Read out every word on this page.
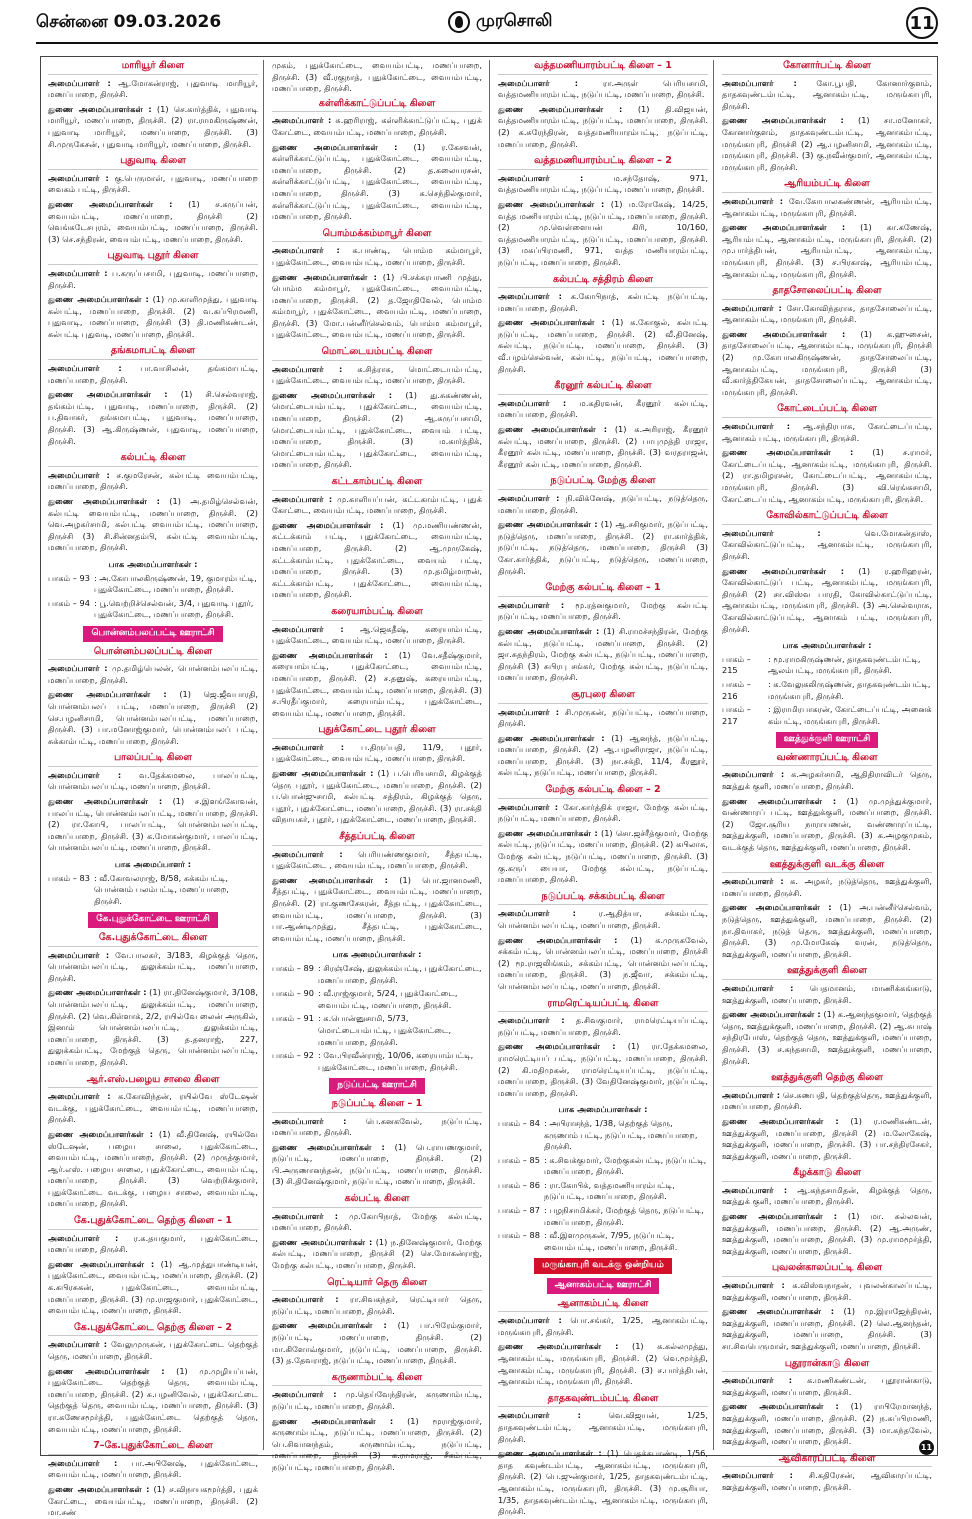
சென்னை 09.03.2026	முரசொலி	11
மாரியூர் கிளை
அமைப்பாளர் : ஆ.மோகன்ராஜ், புதுவாடி மாரியூர், மணப்பாறை, திருச்சி.
துணை அமைப்பாளர்கள் : (1) செ.கார்த்திக், புதுவாடி மாரியூர், மணப்பாறை, திருச்சி. (2) ரா.ராமகிருஷ்ணன், புதுவாடி மாரியூர், மணப்பாறை, திருச்சி. (3) சி.முருகேசன், புதுவாடி மாரியூர், மணப்பாறை, திருச்சி.
புதுவாடி கிளை
அமைப்பாளர் : கு.பெருமாள், புதுவாடி, மணப்பாறை வைகம் பட்டி, திருச்சி.
துணை அமைப்பாளர்கள் : (1) ச.கருப்பன், வையம்பட்டி, மணப்பாறை, திருச்சி (2) வெங்கடேசபுரம், வையம்பட்டி, மணப்பாறை, திருச்சி. (3) செ.சந்திரன், வையம்பட்டி, மணப்பாறை, திருச்சி.
புதுவாடி புதூர் கிளை
அமைப்பாளர் : ப.கருப்பசாமி, புதுவாடி, மணப்பாறை, திருச்சி.
துணை அமைப்பாளர்கள் : (1) மு.காளிமுத்து, புதுவாடி கல்பட்டி, மணப்பாறை, திருச்சி. (2) வ.கப்பிரமணி, புதுவாடி, மணப்பாறை, திருச்சி (3) தி.மணிகண்டன், கல்பட்டி புதுவடி, மணப்பாறை, திருச்சி.
தங்கமாபட்டி கிளை
அமைப்பாளர் : பா.வாசிலன், தங்கமாபட்டி, மணப்பாறை, திருச்சி.
துணை அமைப்பாளர்கள் : (1) சி.செல்வராஜ், தங்கம்பட்டி, புதுவாடி, மணப்பாறை, திருச்சி. (2) ப.திவாகர், தங்கமாபட்டி, புதுவாடி, மணப்பாறை, திருச்சி. (3) ஆ.கிருஷ்ணன், புதுவாடி, மணப்பாறை, திருச்சி.
கல்பட்டி கிளை
அமைப்பாளர் : ச.குமரேசன், கல்பட்டி வையம்பட்டி, மணப்பாறை, திருச்சி.
துணை அமைப்பாளர்கள் : (1) அ.தமிழ்செல்வன், கல்பட்டி வையம்பட்டி, மணப்பாறை, திருச்சி. (2) வெ.அழகர்சாமி, கல்பட்டி வையம்பட்டி, மணப்பாறை, திருச்சி (3) சி.சின்னதம்பி, கல்பட்டி வையம்பட்டி, மணப்பாறை, திருச்சி.
பாக அமைப்பாளர்கள் :
பாகம் – 93 : அ.கோபாலகிருஷ்ணன், 19, குமாரம்பட்டி, புதுக்கோட்டை, மணப்பாறை, திருச்சி.
பாகம் – 94 : பூ.வெற்றிச்செல்வன், 3/4, புதுவாடி புதூர், புதுக்கோட்டை, மணப்பாறை, திருச்சி.
பொன்னம்பலப்பட்டி ஊராட்சி
பொன்னம்பலப்பட்டி கிளை
அமைப்பாளர் : மு.தமிழ்பெலன், பொன்னம்பலப்பட்டி, மணப்பாறை, திருச்சி.
துணை அமைப்பாளர்கள் : (1) ஜெ.ஜீவபாரதி, பொன்னம்பலப் பட்டி, மணப்பாறை, திருச்சி (2) செ.பழனிசாமி, பொன்னம்பலப்பட்டி, மணப்பாறை, திருச்சி. (3) பா.மனோஜ்குமார், பொன்னம்பலப் பட்டி, சுக்காம்பட்டி, மணப்பாறை, திருச்சி.
பாலப்பட்டி கிளை
அமைப்பாளர் : வ.தேக்கமலை, பாலப்பட்டி, பொன்னம்பலப்பட்டி, மணப்பாறை, திருச்சி.
துணை அமைப்பாளர்கள் : (1) ச.இளங்கோவன், பாலப்பட்டி, பொன்னம்பலப்பட்டி, மணப்பாறை, திருச்சி. (2) ரா.கோபி, பாலப்பட்டி, பொன்னம்பலப்பட்டி, மணப்பாறை, திருச்சி. (3) க.மோகன்குமார், பாலப்பட்டி, பொன்னம்பலப்பட்டி, மணப்பாறை, திருச்சி.
பாக அமைப்பாளர் :
பாகம் – 83 : வீ.கோவலராஜ், 8/58, சுக்கம்பட்டி, பொன்னம் பலம்பட்டி, மணப்பாறை, திருச்சி.
கே.புதுக்கோட்டை ஊராட்சி
கே.புதுக்கோட்டை கிளை
அமைப்பாளர் : வே.பாலகர், 3/183, கிழக்குத் தெரு, பொன்னம்பலப்பட்டி, துலுக்கம்பட்டி, மணப்பாறை, திருச்சி.
துணை அமைப்பாளர்கள் : (1) ரா.தினேஷ்குமார், 3/108, பொன்னம்பலப்பட்டி, துலுக்கம்பட்டி, மணப்பாறை, திருச்சி. (2) வெ.கிள்ளாக், 2/2, ரயில்வே லைன் அருகில், இனாம் பொன்னம்பலப்பட்டி, துலுக்கம்பட்டி, மணப்பாறை, திருச்சி. (3) த.தனராஜ், 227, துலுக்கம்பட்டி, மேற்குத் தெரு, பொன்னம்பலப்பட்டி, மணப்பாறை, திருச்சி.
ஆர்.எஸ்.பழைய சாலை கிளை
அமைப்பாளர் : க.கோவிந்தன், ரயில்வே ஸ்டேஷன் வடக்கு, புதுக்கோட்டை, வையம்பட்டி, மணப்பாறை, திருச்சி.
துணை அமைப்பாளர்கள் : (1) வீ.தினேஷ், ரயில்வே ஸ்டேஷன், பழைய சாலை, புதுக்கோட்டை, வையம்பட்டி, மணப்பாறை, திருச்சி. (2) முருத்குமார், ஆர்.எஸ். பழைய சாலை, புதுக்கோட்டை, வையம்பட்டி, மணப்பாறை, திருச்சி. (3) வெற்றிக்குமார், புதுக்கோட்டை வடக்கு, பழைய சாலை, வையம்பட்டி, மணப்பாறை, திருச்சி.
கே.புதுக்கோட்டை தெற்கு கிளை – 1
அமைப்பாளர் : ர.க.தயகுமார், புதுக்கோட்டை, மணப்பாறை, திருச்சி.
துணை அமைப்பாளர்கள் : (1) ஆ.முத்துபாண்டியன், புதுக்கோட்டை, வையம்பட்டி, மணப்பாறை, திருச்சி. (2) க.கபிரசுகன், புதுக்கோட்டை, வையம்பட்டி, மணப்பாறை, திருச்சி. (3) மு.ராஜகுமார், புதுக்கோட்டை, வையம்பட்டி, மணப்பாறை, திருச்சி.
கே.புதுக்கோட்டை தெற்கு கிளை – 2
அமைப்பாளர் : வேலுமுருகன், புதுக்கோட்டை தெற்குத் தெரு, மணப்பாறை, திருச்சி.
துணை அமைப்பாளர்கள் : (1) மு.முழியப்பன், புதுக்கோட்டை தெற்குத் தெரு, வையம்பட்டி, மணப்பாறை, திருச்சி. (2) சு.பழனிவேல், புதுக்கோட்டை தெற்குத் தெரு, வையம்பட்டி, மணப்பாறை, திருச்சி. (3) ரா.கணேசமூர்த்தி, புதுக்கோட்டை தெற்குத் தெரு, வையம்பட்டி, மணப்பாறை, திருச்சி.
7–கே.புதுக்கோட்டை கிளை
அமைப்பாளர் : பா.அபினேஷ், புதுக்கோட்டை, வையம்பட்டி, மணப்பாறை, திருச்சி.
துணை அமைப்பாளர்கள் : (1) ச.விநாயகமூர்த்தி, புதுக் கோட்டை, வையம்பட்டி, மணப்பாறை, திருச்சி. (2) மா.சண்
முகம், புதுக்கோட்டை, வையம்பட்டி, மணப்பாறை, திருச்சி. (3) வீ.ரகுநாத், புதுக்கோட்டை, வையம்பட்டி, மணப்பாறை, திருச்சி.
கள்ளிக்காட்டுப்பட்டி கிளை
அமைப்பாளர் : சு.ஹரிராஜ், கள்ளிக்காட்டுப்பட்டி, புதுக் கோட்டை, வையம்பட்டி, மணப்பாறை, திருச்சி.
துணை அமைப்பாளர்கள் : (1) ர.கேசவன், கள்ளிக்காட்டுப்பட்டி, புதுக்கோட்டை, வையம்பட்டி, மணப்பாறை, திருச்சி. (2) த.கலையரசன், கள்ளிக்காட்டுப்பட்டி, புதுக்கோட்டை, வையம்பட்டி, மணப்பாறை, திருச்சி. (3) க.செந்தில்குமார், கள்ளிக்காட்டுப்பட்டி, புதுக்கோட்டை, வையம்பட்டி, மணப்பாறை, திருச்சி.
பொம்மக்கம்மாபூர் கிளை
அமைப்பாளர் : க.பாண்டி, பொம்ம கம்மாபூர், புதுக்கோட்டை, வையம்பட்டி, மணப்பாறை, திருச்சி.
துணை அமைப்பாளர்கள் : (1) பி.சக்கரபாணி முத்து, பொம்ம கம்மாபூர், புதுக்கோட்டை, வையம்பட்டி, மணப்பாறை, திருச்சி. (2) த.ஜோதிவேல், பொம்ம கம்மாபூர், புதுக்கோட்டை, வையம்பட்டி, மணப்பாறை, திருச்சி. (3) மோ.பன்னீர்செல்வம், பொம்ம கம்மாபூர், புதுக்கோட்டை, வையம்பட்டி, மணப்பாறை, திருச்சி.
மொட்டையம்பட்டி கிளை
அமைப்பாளர் : க.சித்ராசு, மொட்டையம்பட்டி, புதுக்கோட்டை, வையம்பட்டி, மணப்பாறை, திருச்சி.
துணை அமைப்பாளர்கள் : (1) து.சுகண்ணன், மொட்டையம்பட்டி, புதுக்கோட்டை, வையம்பட்டி, மணப்பாறை, திருச்சி. (2) ஆ.சுருப்பசாமி, மொட்டையம்பட்டி, புதுக்கோட்டை, வையம் பட்டி, மணப்பாறை, திருச்சி. (3) ம.கார்த்திக், மொட்டையம்பட்டி, புதுக்கோட்டை, வையம்பட்டி, மணப்பாறை, திருச்சி.
கட்டகாம்பட்டி கிளை
அமைப்பாளர் : மு.காளியப்பன், கட்டகாம்பட்டி, புதுக் கோட்டை, வையம்பட்டி, மணப்பாறை, திருச்சி.
துணை அமைப்பாளர்கள் : (1) மு.மணியண்ணன், கட்டக்காம் பட்டி, புதுக்கோட்டை, வையம்பட்டி, மணப்பாறை, திருச்சி. (2) ஆ.முருகேஷ், கட்டக்காம்பட்டி, புதுக்கோட்டை, வையம் பட்டி, மணப்பாறை, திருச்சி. (3) மு.தமிழ்மாறன், கட்டக்காம்பட்டி, புதுக்கோட்டை, வையம்பட்டி, மணப்பாறை, திருச்சி.
கரையாம்பட்டி கிளை
அமைப்பாளர் : ஆ.ஜெகதீஷ், கரையாம்பட்டி, புதுக்கோட்டை, வையம்பட்டி, மணப்பாறை, திருச்சி.
துணை அமைப்பாளர்கள் : (1) வே.சதீஷ்குமார், கரையாம்பட்டி, புதுக்கோட்டை, வையம்பட்டி, மணப்பாறை, திருச்சி. (2) ச.தனுஷ், கரையாம்பட்டி, புதுக்கோட்டை, வையம்பட்டி, மணப்பாறை, திருச்சி. (3) ச.பிரதீப்குமார், கரையாம்பட்டி, புதுக்கோட்டை, வையம்பட்டி, மணப்பாறை, திருச்சி.
புதுக்கோட்டை புதூர் கிளை
அமைப்பாளர் : ப.திருப்பதி, 11/9, புதூர், புதுக்கோட்டை, வையம்பட்டி, மணப்பாறை, திருச்சி.
துணை அமைப்பாளர்கள் : (1) ப.பெரியசாமி, கிழக்குத் தெரு புதூர், புதுக்கோட்டை, மணப்பாறை, திருச்சி. (2) ப.பொன்ஜுசாமி, கல்பட்டி சத்திரம், கிழக்குத் தெரு, புதூர், புதுக்கோட்டை, மணப்பாறை, திருச்சி. (3) ரா.சக்தி விநாயகர், புதூர், புதுக்கோட்டை, மணப்பாறை, திருச்சி.
சீத்தப்பட்டி கிளை
அமைப்பாளர் : பெரியண்ணகுமார், சீத்தபட்டி, புதுக்கோட்டை , வையம்பட்டி, மணப்பாறை, திருச்சி.
துணை அமைப்பாளர்கள் : (1) பொ.ஜானமணி, சீத்தபட்டி, புதுக்கோட்டை, வையம்பட்டி, மணப்பாறை, திருச்சி. (2) ரா.குணசேகரன், சீத்தபட்டி, புதுக்கோட்டை, வையம்பட்டி, மணப்பாறை, திருச்சி. (3) பா.ஆண்டிமுத்து, சீத்தபட்டி, புதுக்கோட்டை, வையம்பட்டி, மணப்பாறை, திருச்சி.
பாக அமைப்பாளர்கள் :
பாகம் – 89 : சிரஞ்சேஷ், துலுக்கம்பட்டி, புதுக்கோட்டை, மணப்பாறை, திருச்சி.
பாகம் – 90 : வீ.ராஜ்குமார், 5/24, புதுக்கோட்டை, வையம்பட்டி, மணப்பாறை, திருச்சி.
பாகம் – 91 : க.பொன்னுசாமி, 5/73, மொட்டையம்பட்டி, புதுக்கோட்டை, மணப்பாறை, திருச்சி.
பாகம் – 92 : வே.பிரவீன்ராஜ், 10/06, கரையாம்பட்டி, புதுக்கோட்டை, மணப்பாறை, திருச்சி.
நடுப்பட்டி ஊராட்சி
நடுப்பட்டி கிளை – 1
அமைப்பாளர் : பெ.கனகவேல், நடுப்பட்டி, மணப்பாறை, திருச்சி.
துணை அமைப்பாளர்கள் : (1) பெ.ராயணகுமார், நடுப்பட்டி, மணப்பாறை, திருச்சி. (2) பி.அருணானந்தன், நடுப்பட்டி, மணப்பாறை, திருச்சி. (3) சி.தினேஷ்குமார், நடுப்பட்டி, மணப்பாறை, திருச்சி.
கல்பட்டி கிளை
அமைப்பாளர் : மு.கோபிநாத், மேற்கு கல்பட்டி, மணப்பாறை, திருச்சி.
துணை அமைப்பாளர்கள் : (1) ந.தினேஷ்குமார், மேற்கு கல்பட்டி, மணப்பாறை, திருச்சி (2) செ.மோகன்ராஜ், மேற்கு கல்பட்டி, மணப்பாறை, திருச்சி.
ரெட்டியார் தெரு கிளை
அமைப்பாளர் : ரா.சிவகந்தர், ரெட்டியார் தெரு, நடுப்பட்டி, மணப்பாறை, திருச்சி.
துணை அமைப்பாளர்கள் : (1) பா.பிரேம்குமார், நடுப்பட்டி, மணப்பாறை, திருச்சி. (2) மா.கிளோவ்குமார், நடுப்பட்டி, மணப்பாறை, திருச்சி. (3) த.தேவராஜ், நடுப்பட்டி, மணப்பாறை, திருச்சி.
கருணாம்பட்டி கிளை
அமைப்பாளர் : மு.தெய்வேந்திரன், கருணாம்பட்டி, நடுப்பட்டி, மணப்பாறை, திருச்சி.
துணை அமைப்பாளர்கள் : (1) மூராஜ்குமார், கருணாம்பட்டி, நடுப்பட்டி, மணப்பாறை, திருச்சி. (2) பெ.சிவானந்தம், கருணாம்பட்டி, நடுப்பட்டி, மணப்பாறை, திருச்சி (3) க.ராமராஜ், சீகம்பட்டி, நடுப்பட்டி, மணப்பாறை, திருச்சி.
வத்தமணியாரம்பட்டி கிளை – 1
அமைப்பாளர் : ரா.அருள் பெரியசாமி, வத்தமணியாரம்பட்டி, நடுப்பட்டி, மணப்பாறை, திருச்சி.
துணை அமைப்பாளர்கள் : (1) தி.விஜயன், வத்தமணியாரம்பட்டி, நடுப்பட்டி, மணப்பாறை, திருச்சி. (2) க.சுரேந்திரன், வத்தமணியாரம்பட்டி, நடுப்பட்டி, மணப்பாறை, திருச்சி.
வத்தமணியாரம்பட்டி கிளை – 2
அமைப்பாளர் : ம.சந்தோஷ், 971, வத்தமணியாரம்பட்டி, நடுப்பட்டி, மணப்பாறை, திருச்சி.
துணை அமைப்பாளர்கள் : (1) ம.ரோகேஷ், 14/25, வத்த மணியாரம்பட்டி, நடுப்பட்டி, மணப்பாறை, திருச்சி. (2) மு.வெள்ளையன் கிரி, 10/160, வத்தமணியாரம்பட்டி, நடுப்பட்டி, மணப்பாறை, திருச்சி. (3) மகப்பிரமணி, 971, வத்த மணியாரம்பட்டி, நடுப்பட்டி, மணப்பாறை, திருச்சி.
கல்பட்டி சத்திரம் கிளை
அமைப்பாளர் : க.கோபிநாத், கல்பட்டி நடுப்பட்டி, மணப்பாறை, திருச்சி.
துணை அமைப்பாளர்கள் : (1) க.கோகுல், கல்பட்டி நடுப்பட்டி, மணப்பாறை, திருச்சி. (2) வீ.தினேஷ், கல்பட்டி, நடுப்பட்டி, மணப்பாறை, திருச்சி. (3) வீ.பழம்செல்வன், கல்பட்டி, நடுப்பட்டி, மணப்பாறை, திருச்சி.
கீரனூர் கல்பட்டி கிளை
அமைப்பாளர் : ம.கதிரவன், கீரனூர் கல்பட்டி, மணப்பாறை, திருச்சி.
துணை அமைப்பாளர்கள் : (1) க.அரிராஜ், கீரனூர் கல்பட்டி, மணப்பாறை, திருச்சி. (2) பாபுமுத்தி ராஜா, கீரனூர் கல்பட்டி, மணப்பாறை, திருச்சி. (3) வரதராஜன், கீரனூர் கல்பட்டி, மணப்பாறை, திருச்சி.
நடுப்பட்டி மேற்கு கிளை
அமைப்பாளர் : நி.விக்னேஷ், நடுப்பட்டி, நடுத்தெரு, மணப்பாறை, திருச்சி.
துணை அமைப்பாளர்கள் : (1) ஆ.சசிகுமார், நடுப்பட்டி, நடுத்தெரு, மணப்பாறை, திருச்சி. (2) ரா.கார்த்திக், நடுப்பட்டி, நடுத்தெரு, மணப்பாறை, திருச்சி (3) கோ.கார்த்திக், நடுப்பட்டி, நடுத்தெரு, மணப்பாறை, திருச்சி.
மேற்கு கல்பட்டி கிளை – 1
அமைப்பாளர் : மூ.ரத்னகுமார், மேற்கு கல்பட்டி நடுப்பட்டி, மணப்பாறை, திருச்சி.
துணை அமைப்பாளர்கள் : (1) சி.ராமச்சந்திரன், மேற்கு கல்பட்டி, நடுப்பட்டி, மணப்பாறை, திருச்சி. (2) ஜா.சுதந்திரம், மேற்கு கல்பட்டி, நடுப்பட்டி, மணப்பாறை, திருச்சி (3) சுபிரபு சங்கர், மேற்கு கல்பட்டி, நடுப்பட்டி, மணப்பாறை, திருச்சி.
சூரபுரை கிளை
அமைப்பாளர் : சி.முருகன், நடுப்பட்டி, மணப்பாறை, திருச்சி.
துணை அமைப்பாளர்கள் : (1) ஆனந்த், நடுப்பட்டி, மணப்பாறை, திருச்சி. (2) ஆ.பழனிராஜா, நடுப்பட்டி, மணப்பாறை, திருச்சி. (3) நா.சக்தி, 11/4, கீரனூர், கல்பட்டி, நடுப்பட்டி, மணப்பாறை, திருச்சி.
மேற்கு கல்பட்டி கிளை – 2
அமைப்பாளர் : கோ.கார்த்திக் ராஜா, மேற்கு கல்பட்டி, நடுப்பட்டி, மணப்பாறை, திருச்சி.
துணை அமைப்பாளர்கள் : (1) சொ.ஜச்ரீத்குமார், மேற்கு கல்பட்டி, நடுப்பட்டி, மணப்பாறை, திருச்சி. (2) கபிலாசு, மேற்கு கல்பட்டி, நடுப்பட்டி, மணப்பாறை, திருச்சி. (3) கு.கருப் பையா, மேற்கு கல்பட்டி, நடுப்பட்டி, மணப்பாறை, திருச்சி.
நடுப்பட்டி சக்கம்பட்டி கிளை
அமைப்பாளர் : ர.ஆதித்யா, சக்கம்பட்டி, பொன்னம்பலப்பட்டி, மணப்பாறை, திருச்சி.
துணை அமைப்பாளர்கள் : (1) க.முருகவேல், சக்கம்பட்டி, பொன்னம்பலப்பட்டி, மணப்பாறை, திருச்சி (2) மூ.ராஜலிங்கம், சக்கம்பட்டி, பொன்னம்பலப்பட்டி, மணப்பாறை, திருச்சி. (3) ந.ஜீவா, சக்கம்பட்டி, பொன்னம்பலப்பட்டி, மணப்பாறை, திருச்சி.
ராமரெட்டியப்பட்டி கிளை
அமைப்பாளர் : த.சிவகுமார், ராமரெட்டியப்பட்டி, நடுப்பட்டி, மணப்பாறை, திருச்சி.
துணை அமைப்பாளர்கள் : (1) ரா.தேக்கமலை, ராமரெட்டியப் பட்டி, நடுப்பட்டி, மணப்பாறை, திருச்சி. (2) கி.மதிமுகன், ராமரெட்டியப்பட்டி, நடுப்பட்டி, மணப்பாறை, திருச்சி. (3) வேதினேஷ்குமார், நடுப்பட்டி, மணப்பாறை, திருச்சி.
பாக அமைப்பாளர்கள் :
பாகம் – 84 : அபிராசந்த், 1/38, தெற்குத் தெரு, கருணாம் பட்டி, நடுப்பட்டி, மணப்பாறை, திருச்சி.
பாகம் – 85 : க.சிவக்குமார், மேற்குகல்பட்டி, நடுப்பட்டி, மணப்பாறை, திருச்சி.
பாகம் – 86 : ரா.கோபிக், வத்தமணியாரம்பட்டி, நடுப்பட்டி, மணப்பாறை, திருச்சி.
பாகம் – 87 : பழநிசாமிக்கர், மேற்குத் தெரு, நடுப்பட்டி, மணப்பாறை, திருச்சி.
பாகம் – 88 : வீ.இளமுருகன், 7/95, நடுப்பட்டி, வையம்பட்டி, மணப்பாறை, திருச்சி.
மருங்காபுரி வடக்கு ஒன்றியம்
ஆனாகம்பட்டி ஊராட்சி
ஆனாகம்பட்டி கிளை
அமைப்பாளர் : பொ.சங்கர், 1/25, ஆனாகம்பட்டி, மருங்காபுரி, திருச்சி.
துணை அமைப்பாளர்கள் : (1) க.கல்லமுத்து, ஆனாகம்பட்டி, மருங்காபுரி, திருச்சி. (2) வெ.மூர்த்தி, ஆனாகம்பட்டி, மருங்காபுரி, திருச்சி. (3) ச.பார்த்திபன், ஆனாகம்பட்டி, மருங்காபுரி, திருச்சி.
தாதகவுண்டம்பட்டி கிளை
அமைப்பாளர் : வெ.விஜயன், 1/25, தாதகவுண்டம்பட்டி, ஆனாகம்பட்டி, மருங்காபுரி, திருச்சி.
துணை அமைப்பாளர்கள் : (1) பெதக்கபாண்டி, 1/56, தாத கவுண்டம்பட்டி, ஆனாகம்பட்டி, மருங்காபுரி, திருச்சி. (2) பெ.ஜுன்குமார், 1/25, தாதகவுண்டம்பட்டி, ஆனாகம்பட்டி, மருங்காபுரி, திருச்சி. (3) மு.சூரியா, 1/35, தாதகவுண்டம்பட்டி, ஆனாகம்பட்டி, மருங்காபுரி, திருச்சி.
கோனார்பட்டி கிளை
அமைப்பாளர் : கோ.பூபதி, கோனார்குளம், தாதகவுண்டம்பட்டி, ஆனாகம்பட்டி, மருங்காபுரி, திருச்சி.
துணை அமைப்பாளர்கள் : (1) சா.மனோகர், கோனார்குளம், தாதகவுண்டம்பட்டி, ஆனாகம்பட்டி, மருங்காபுரி, திருச்சி (2) ஆ.பழனிசாமி, ஆனாகம்பட்டி, மருங்காபுரி, திருச்சி. (3) கு.நவீன்குமார், ஆனாகம்பட்டி, மருங்காபுரி, திருச்சி.
ஆரியம்பட்டி கிளை
அமைப்பாளர் : வே.கோபாலகண்ணன், ஆரியம்பட்டி, ஆனாகம்பட்டி, மருங்காபுரி, திருச்சி.
துணை அமைப்பாளர்கள் : (1) கா.கணேஷ், ஆரியம்பட்டி, ஆனாகம்பட்டி, மருங்காபுரி, திருச்சி. (2) மு.பார்த்திபன், ஆரியம்பட்டி, ஆனாகம்பட்டி, மருங்காபுரி, திருச்சி. (3) ச.பிரகாஷ், ஆரியம்பட்டி, ஆனாகம்பட்டி, மருங்காபுரி, திருச்சி.
தாதசோலைப்பட்டி கிளை
அமைப்பாளர் : சோ.கோவிந்தராசு, தாதசோலைப்பட்டி, ஆனாகம்பட்டி, மருங்காபுரி, திருச்சி.
துணை அமைப்பாளர்கள் : (1) க.ஹுசைன், தாதசோலைப்பட்டி, ஆனாகம்பட்டி, மருங்காபுரி, திருச்சி (2) மு.கோபாலகிருஷ்ணன், தாதசோலைப்பட்டி, ஆனாகம்பட்டி, மருங்காபுரி, திருச்சி (3) வீ.கார்த்திகேயன், தாதசோலைப்பட்டி, ஆனாகம்பட்டி, மருங்காபுரி, திருச்சி.
கோட்டைப்பட்டி கிளை
அமைப்பாளர் : ஆ.சந்திரபாசு, கோட்டைப்பட்டி, ஆனாகம் பட்டி, மருங்காபுரி, திருச்சி.
துணை அமைப்பாளர்கள் : (1) ச.ராமர், கோட்டைப்பட்டி, ஆனாகம்பட்டி, மருங்காபுரி, திருச்சி. (2) ரா.தமிழரசன், கோட்டைப்பட்டி, ஆனாகம்பட்டி, மருங்காபுரி, திருச்சி. (3) வி.ரெங்கசாமி, கோட்டைப்பட்டி, ஆனாகம்பட்டி, மருங்காபுரி, திருச்சி.
கோவில்காட்டுப்பட்டி கிளை
அமைப்பாளர் : வெ.மோகன்தாஸ், கோவில்காட்டுப்பட்டி, ஆனாகம்பட்டி, மருங்காபுரி, திருச்சி.
துணை அமைப்பாளர்கள் : (1) ர.ஹரிஹரன், கோவில்காட்டுப் பட்டி, ஆனாகம்பட்டி, மருங்காபுரி, திருச்சி (2) சா.விஸ்வ பாரதி, கோவில்காட்டுப்பட்டி, ஆனாகம்பட்டி, மருங்காபுரி, திருச்சி. (3) அ.செல்வராசு, கோவில்காட்டுப்பட்டி, ஆனாகம் பட்டி, மருங்காபுரி, திருச்சி.
பாக அமைப்பாளர்கள் :
பாகம் – 215
: மூ.ராமகிருஷ்ணன், தாதகவுண்டம்பட்டி, ஆலம்பட்டி, மருங்காபுரி, திருச்சி.
பாகம் – 216
: க.வேலுகலிருஷ்ணன், தாதகவுண்டம்பட்டி, மருங்காபுரி, திருச்சி.
பாகம் – 217
: இராமிரபாகரன், கோட்டைப்பட்டி, அனைக் கம்பட்டி, மருங்காபுரி, திருச்சி.
ஊத்துக்குளி ஊராட்சி
வண்ணாரப்பட்டி கிளை
அமைப்பாளர் : க.அழகர்சாமி, ஆதிதிராவிடர் தெரு, ஊத்துக் குளி, மணப்பாறை, திருச்சி.
துணை அமைப்பாளர்கள் : (1) மு.முத்துக்குமார், வண்ணாரப் பட்டி, ஊத்துக்குளி, மணப்பாறை, திருச்சி. (2) ஜோ.சூரிய நாராயணன், வண்ணாரப்பட்டி, ஊத்துக்குளி, மணப்பாறை, திருச்சி. (3) க.அழகுமுகம், வடக்குத் தெரு, ஊத்துக்குளி, மணப்பாறை, திருச்சி.
ஊத்துக்குளி வடக்கு கிளை
அமைப்பாளர் : க. அழகர், நடுத்தெரு, ஊத்துக்குளி, மணப்பாறை, திருச்சி.
துணை அமைப்பாளர்கள் : (1) அ.பன்னீர்செல்வம், நடுத்தெரு, ஊத்துக்குளி, மணப்பாறை, திருச்சி. (2) நா.திவாகர், நடுத் தெரு, ஊத்துக்குளி, மணப்பாறை, திருச்சி. (3) மு.மோகேஷ் வரன், நடுத்தெரு, ஊத்துக்குளி, மணப்பாறை, திருச்சி.
ஊத்துக்குளி கிளை
அமைப்பாளர் : பெதமானம், மாணிக்கங்காடு, ஊத்துக்குளி, மணப்பாறை, திருச்சி.
துணை அமைப்பாளர்கள் : (1) க.ஆனந்தகுமார், தெற்குத் தெரு, ஊத்துக்குளி, மணப்பாறை, திருச்சி. (2) ஆ.சுபாஷ் சந்திரபோஸ், தெற்குத் தெரு, ஊத்துக்குளி, மணப்பாறை, திருச்சி. (3) ச.கந்தசாமி, ஊத்துக்குளி, மணப்பாறை, திருச்சி.
ஊத்துக்குளி தெற்கு கிளை
அமைப்பாளர் : செ.சுணபதி, தெற்குத்தெரு, ஊத்துக்குளி, மணப்பாறை, திருச்சி.
துணை அமைப்பாளர்கள் : (1) ர.மணிகண்டன், ஊத்துக்குளி, மணப்பாறை, திருச்சி (2) ம.லோகேஷ், ஊத்துக்குளி, மணப்பாறை, திருச்சி. (3) பா.சந்திரசேகர், ஊத்துக்குளி, மணப்பாறை, திருச்சி.
கீழக்காடு கிளை
அமைப்பாளர் : ஆ.கந்தசாமிதன், கிழக்குத் தெரு, ஊத்துக் குளி, மணப்பாறை, திருச்சி.
துணை அமைப்பாளர்கள் : (1) மா. சுல்லவன், ஊத்துக்குளி, மணப்பாறை, திருச்சி. (2) ஆ.அருண், ஊத்துக்குளி, மணப்பாறை, திருச்சி. (3) மு.ராமமூர்த்தி, ஊத்துக்குளி, மணப்பாறை, திருச்சி.
புவலன்காலப்பட்டி கிளை
அமைப்பாளர் : க.விஸ்வநாதன், புவலன்காலப்பட்டி, ஊத்துக்குளி, மணப்பாறை, திருச்சி.
துணை அமைப்பாளர்கள் : (1) மு.இராஜேந்திரன், ஊத்துக்குளி, மணப்பாறை, திருச்சி. (2) லெ.ஆனந்தன், ஊத்துக்குளி, மணப்பாறை, திருச்சி. (3) சா.சிவபெருமாள், ஊத்துக்குளி, மணப்பாறை, திருச்சி.
புதூரான்காடு கிளை
அமைப்பாளர் : க.மணிகண்டன், புதூரான்காடு, ஊத்துக்குளி, மணப்பாறை, திருச்சி.
துணை அமைப்பாளர்கள் : (1) ராபிரேமானந்த், ஊத்துக்குளி, மணப்பாறை, திருச்சி. (2) ந.சுப்பிரமணி, ஊத்துக்குளி, மணப்பாறை, திருச்சி. (3) மா.கந்தவேல், ஊத்துக்குளி, மணப்பாறை, திருச்சி.
ஆவிகாரப்பட்டி கிளை
அமைப்பாளர் : சி.கதிரேசன், ஆவிகாரப்பட்டி, ஊத்துக்குளி, மணப்பாறை, திருச்சி.
11
